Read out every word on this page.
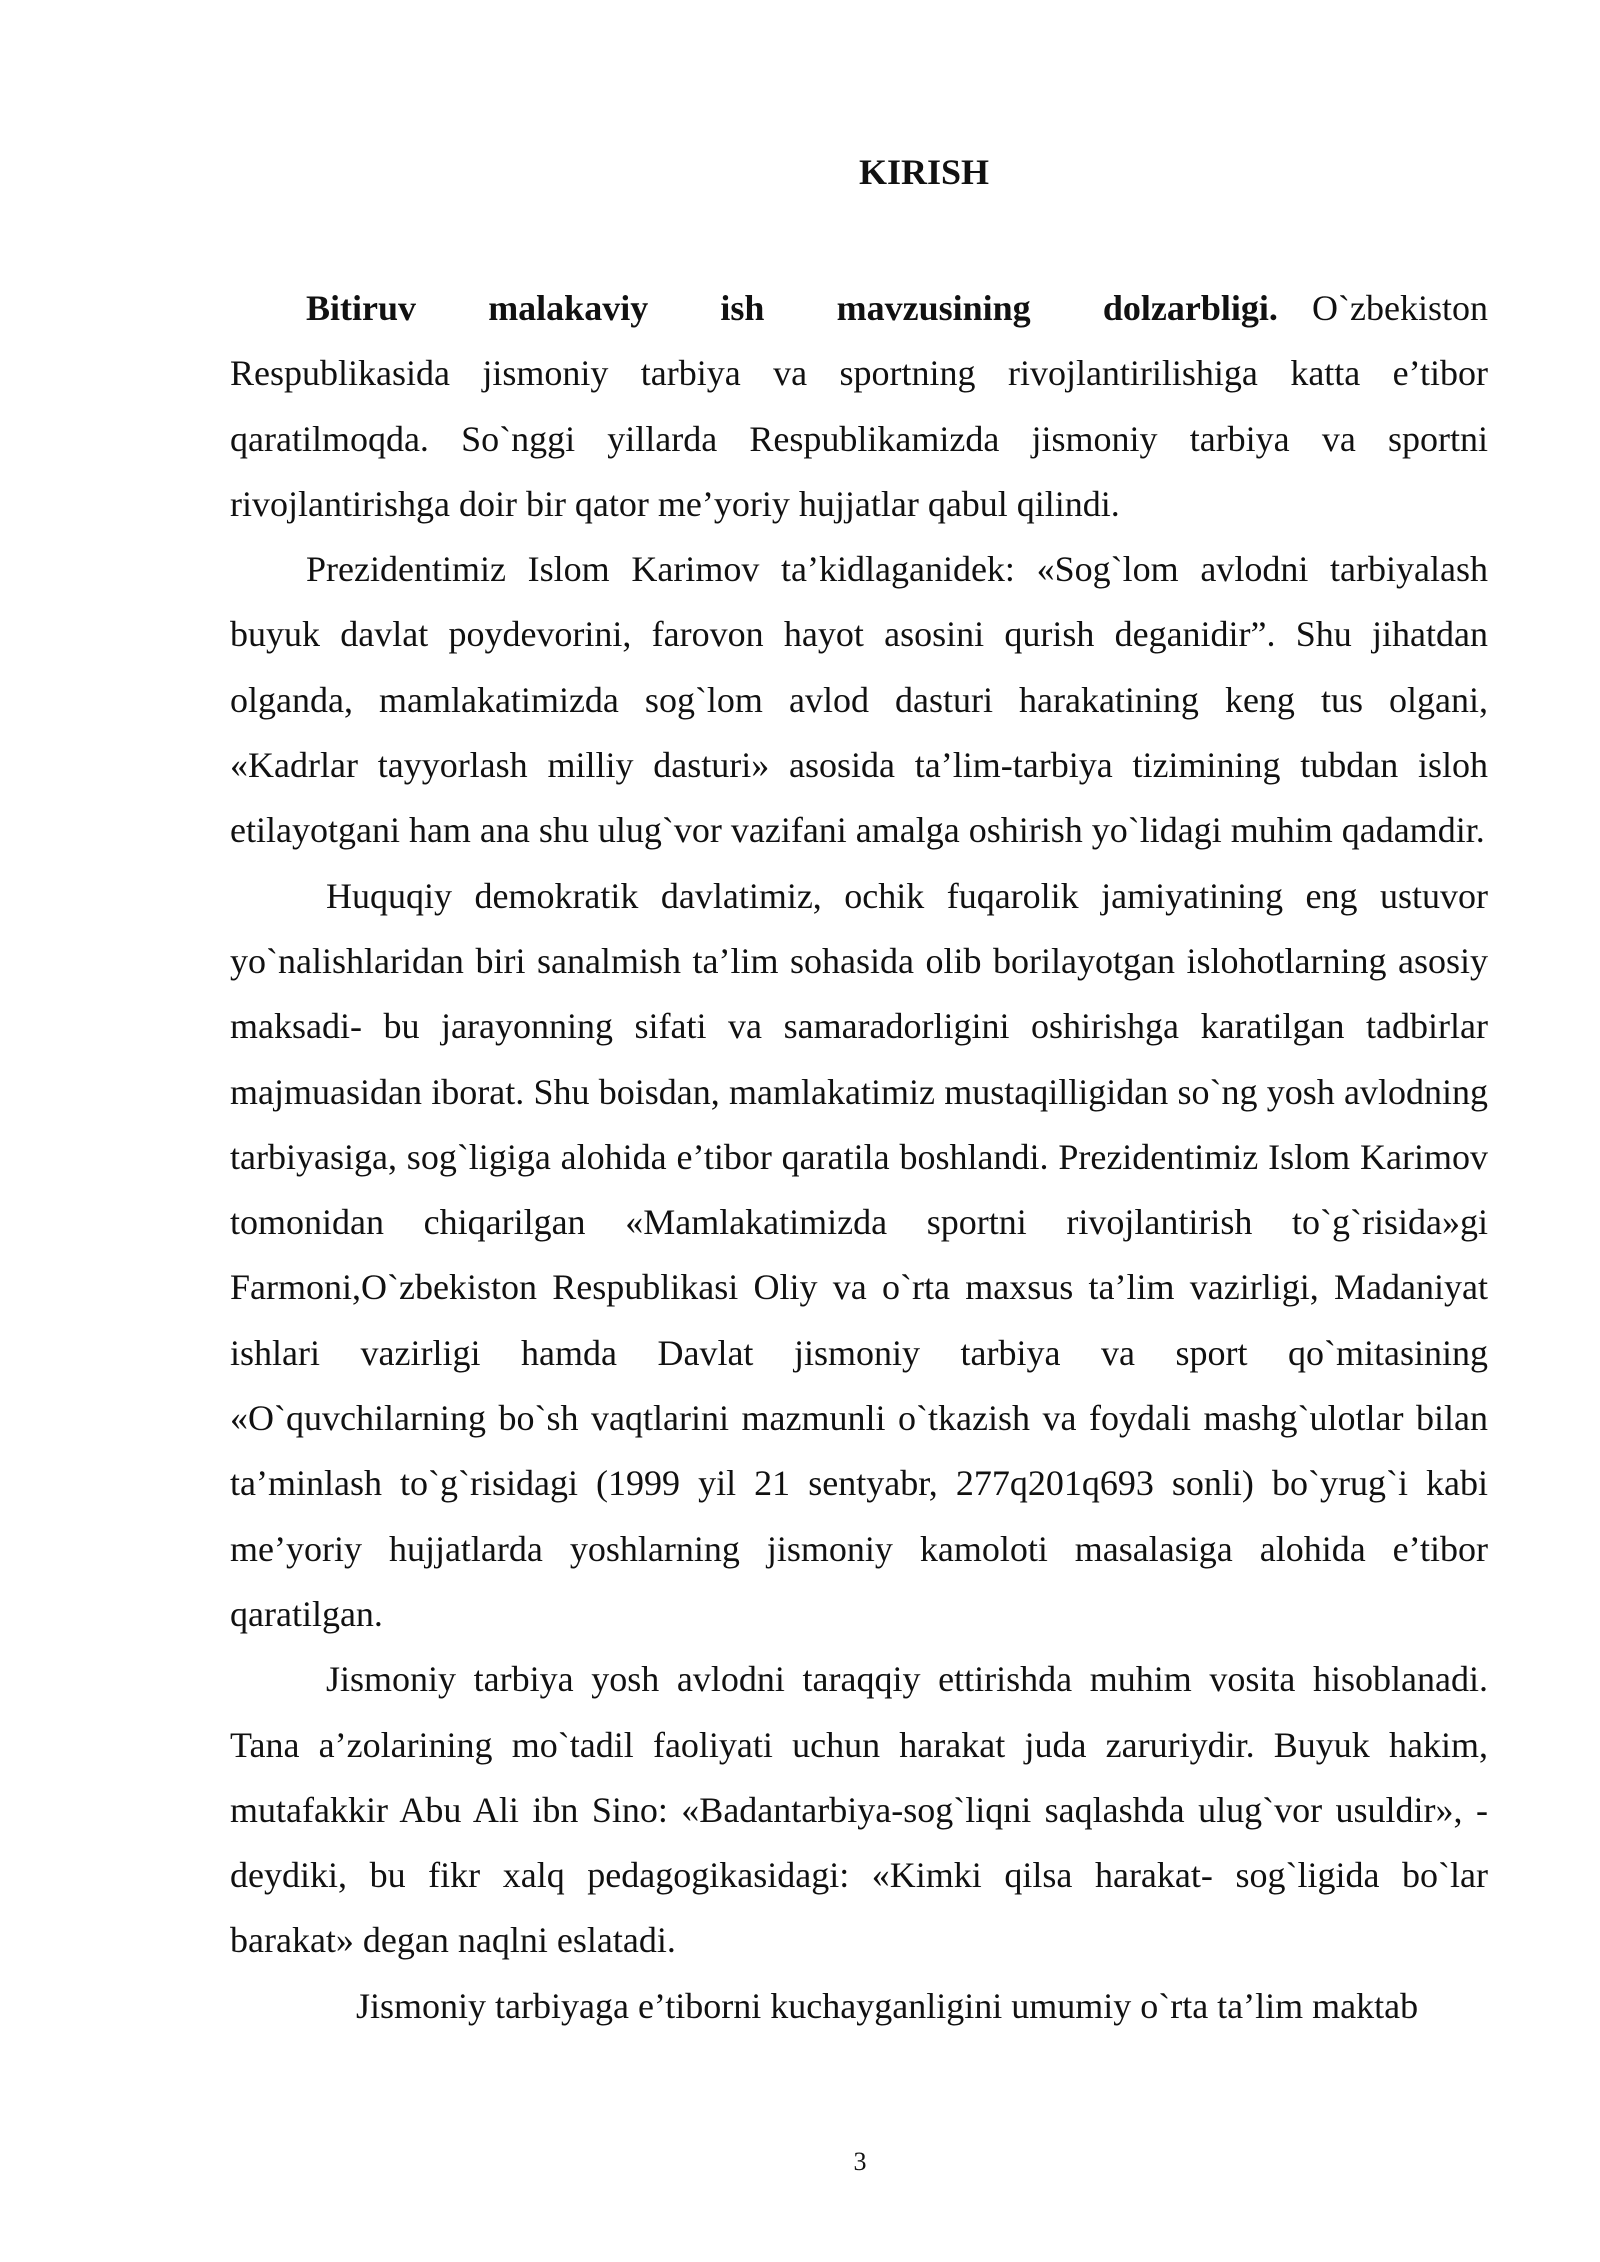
KIRISH

Bitiruv malakaviy ish mavzusining dolzarbligi. O`zbekiston Respublikasida jismoniy tarbiya va sportning rivojlantirilishiga katta e’tibor qaratilmoqda. So`nggi yillarda Respublikamizda jismoniy tarbiya va sportni rivojlantirishga doir bir qator me’yoriy hujjatlar qabul qilindi.

Prezidentimiz Islom Karimov ta’kidlaganidek: «Sog`lom avlodni tarbiyalash buyuk davlat poydevorini, farovon hayot asosini qurish deganidir”. Shu jihatdan olganda, mamlakatimizda sog`lom avlod dasturi harakatining keng tus olgani, «Kadrlar tayyorlash milliy dasturi» asosida ta’lim-tarbiya tizimining tubdan isloh etilayotgani ham ana shu ulug`vor vazifani amalga oshirish yo`lidagi muhim qadamdir.

Huquqiy demokratik davlatimiz, ochik fuqarolik jamiyatining eng ustuvor yo`nalishlaridan biri sanalmish ta’lim sohasida olib borilayotgan islohotlarning asosiy maksadi- bu jarayonning sifati va samaradorligini oshirishga karatilgan tadbirlar majmuasidan iborat. Shu boisdan, mamlakatimiz mustaqilligidan so`ng yosh avlodning tarbiyasiga, sog`ligiga alohida e’tibor qaratila boshlandi. Prezidentimiz Islom Karimov tomonidan chiqarilgan «Mamlakatimizda sportni rivojlantirish to`g`risida»gi Farmoni,O`zbekiston Respublikasi Oliy va o`rta maxsus ta’lim vazirligi, Madaniyat ishlari vazirligi hamda Davlat jismoniy tarbiya va sport qo`mitasining «O`quvchilarning bo`sh vaqtlarini mazmunli o`tkazish va foydali mashg`ulotlar bilan ta’minlash to`g`risidagi (1999 yil 21 sentyabr, 277q201q693 sonli) bo`yrug`i kabi me’yoriy hujjatlarda yoshlarning jismoniy kamoloti masalasiga alohida e’tibor qaratilgan.

Jismoniy tarbiya yosh avlodni taraqqiy ettirishda muhim vosita hisoblanadi. Tana a’zolarining mo`tadil faoliyati uchun harakat juda zaruriydir. Buyuk hakim, mutafakkir Abu Ali ibn Sino: «Badantarbiya-sog`liqni saqlashda ulug`vor usuldir», -deydiki, bu fikr xalq pedagogikasidagi: «Kimki qilsa harakat- sog`ligida bo`lar barakat» degan naqlni eslatadi.

Jismoniy tarbiyaga e’tiborni kuchayganligini umumiy o`rta ta’lim maktab

3
